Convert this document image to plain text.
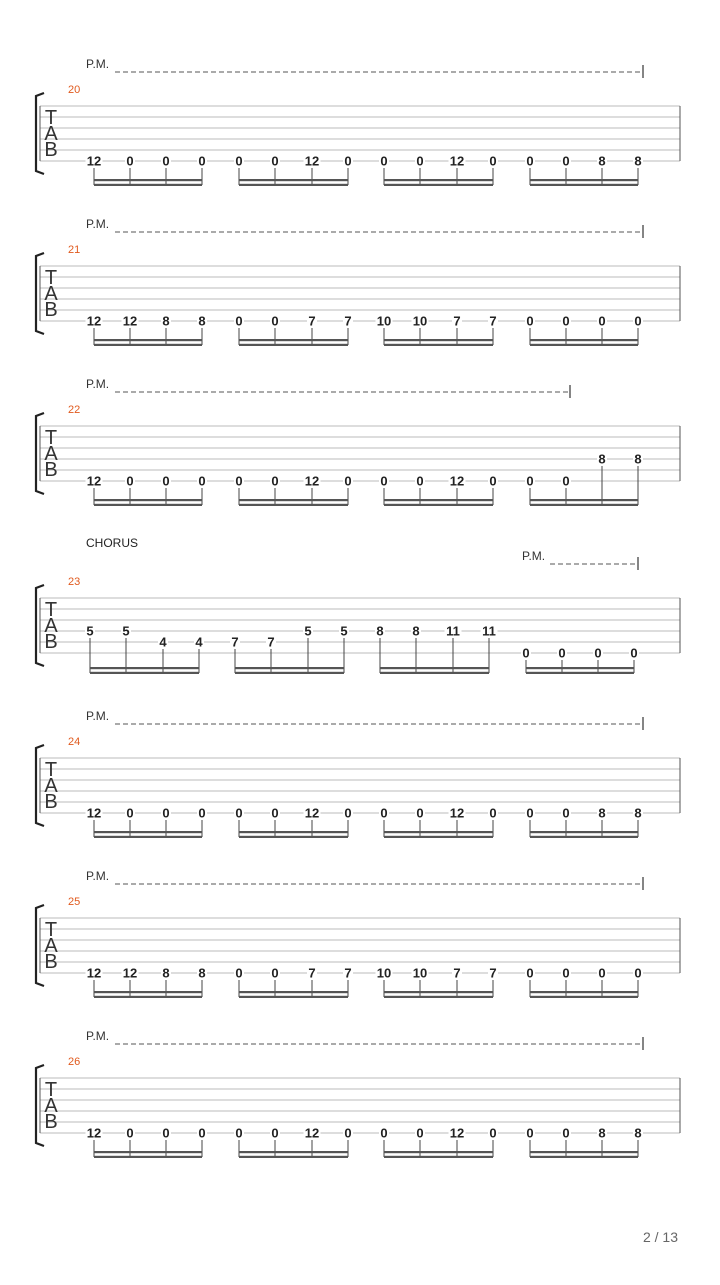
P.M.
20
T
A
B 12 0 0 0 0 0 12 0 0 0 12 0 0 0 8 8
P.M.
21
T
A
B 12 12 8 8 0 0 7 7 10 10 7 7 0 0 0 0
P.M.
22
T
A
B 12 0 0 0 0 0 12 0 0 0 12 0 0 0
8 8
P.M.
CHORUS
23
T
A
B 5 5
4 4 7 7
5 5 8 8 11 11
0 0 0 0
P.M.
24
T
A
B 12 0 0 0 0 0 12 0 0 0 12 0 0 0 8 8
P.M.
25
T
A
B 12 12 8 8 0 0 7 7 10 10 7 7 0 0 0 0
P.M.
26
T
A
B 12 0 0 0 0 0 12 0 0 0 12 0 0 0 8 8
2 / 13
